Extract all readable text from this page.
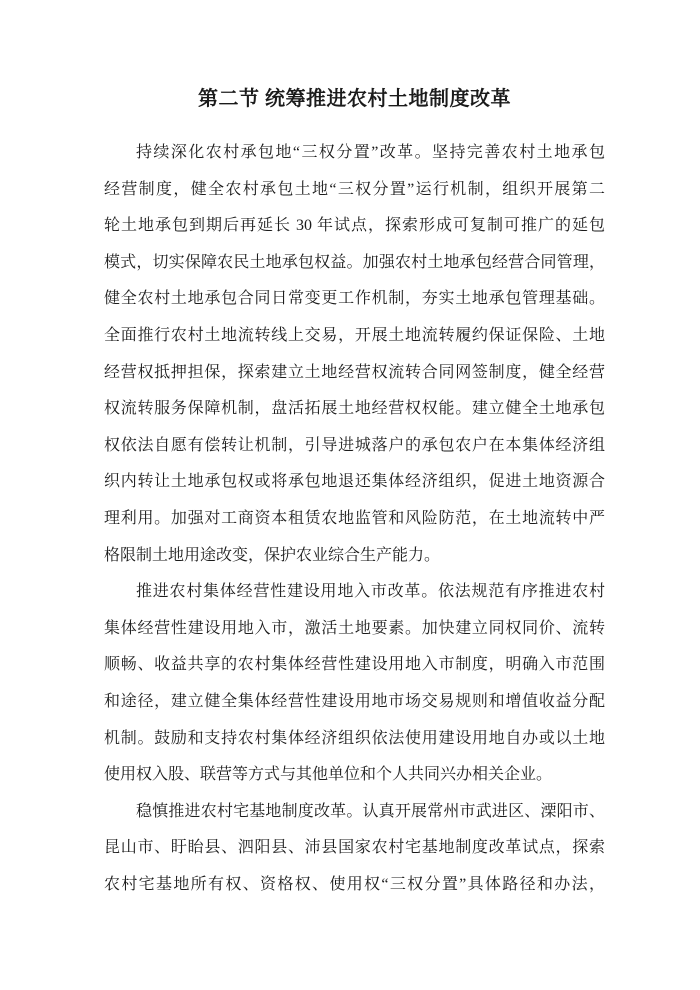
第二节 统筹推进农村土地制度改革
持续深化农村承包地“三权分置”改革。坚持完善农村土地承包
经营制度，健全农村承包土地“三权分置”运行机制，组织开展第二
轮土地承包到期后再延长 30 年试点，探索形成可复制可推广的延包
模式，切实保障农民土地承包权益。加强农村土地承包经营合同管理，
健全农村土地承包合同日常变更工作机制，夯实土地承包管理基础。
全面推行农村土地流转线上交易，开展土地流转履约保证保险、土地
经营权抵押担保，探索建立土地经营权流转合同网签制度，健全经营
权流转服务保障机制，盘活拓展土地经营权权能。建立健全土地承包
权依法自愿有偿转让机制，引导进城落户的承包农户在本集体经济组
织内转让土地承包权或将承包地退还集体经济组织，促进土地资源合
理利用。加强对工商资本租赁农地监管和风险防范，在土地流转中严
格限制土地用途改变，保护农业综合生产能力。
推进农村集体经营性建设用地入市改革。依法规范有序推进农村
集体经营性建设用地入市，激活土地要素。加快建立同权同价、流转
顺畅、收益共享的农村集体经营性建设用地入市制度，明确入市范围
和途径，建立健全集体经营性建设用地市场交易规则和增值收益分配
机制。鼓励和支持农村集体经济组织依法使用建设用地自办或以土地
使用权入股、联营等方式与其他单位和个人共同兴办相关企业。
稳慎推进农村宅基地制度改革。认真开展常州市武进区、溧阳市、
昆山市、盱眙县、泗阳县、沛县国家农村宅基地制度改革试点，探索
农村宅基地所有权、资格权、使用权“三权分置”具体路径和办法，
